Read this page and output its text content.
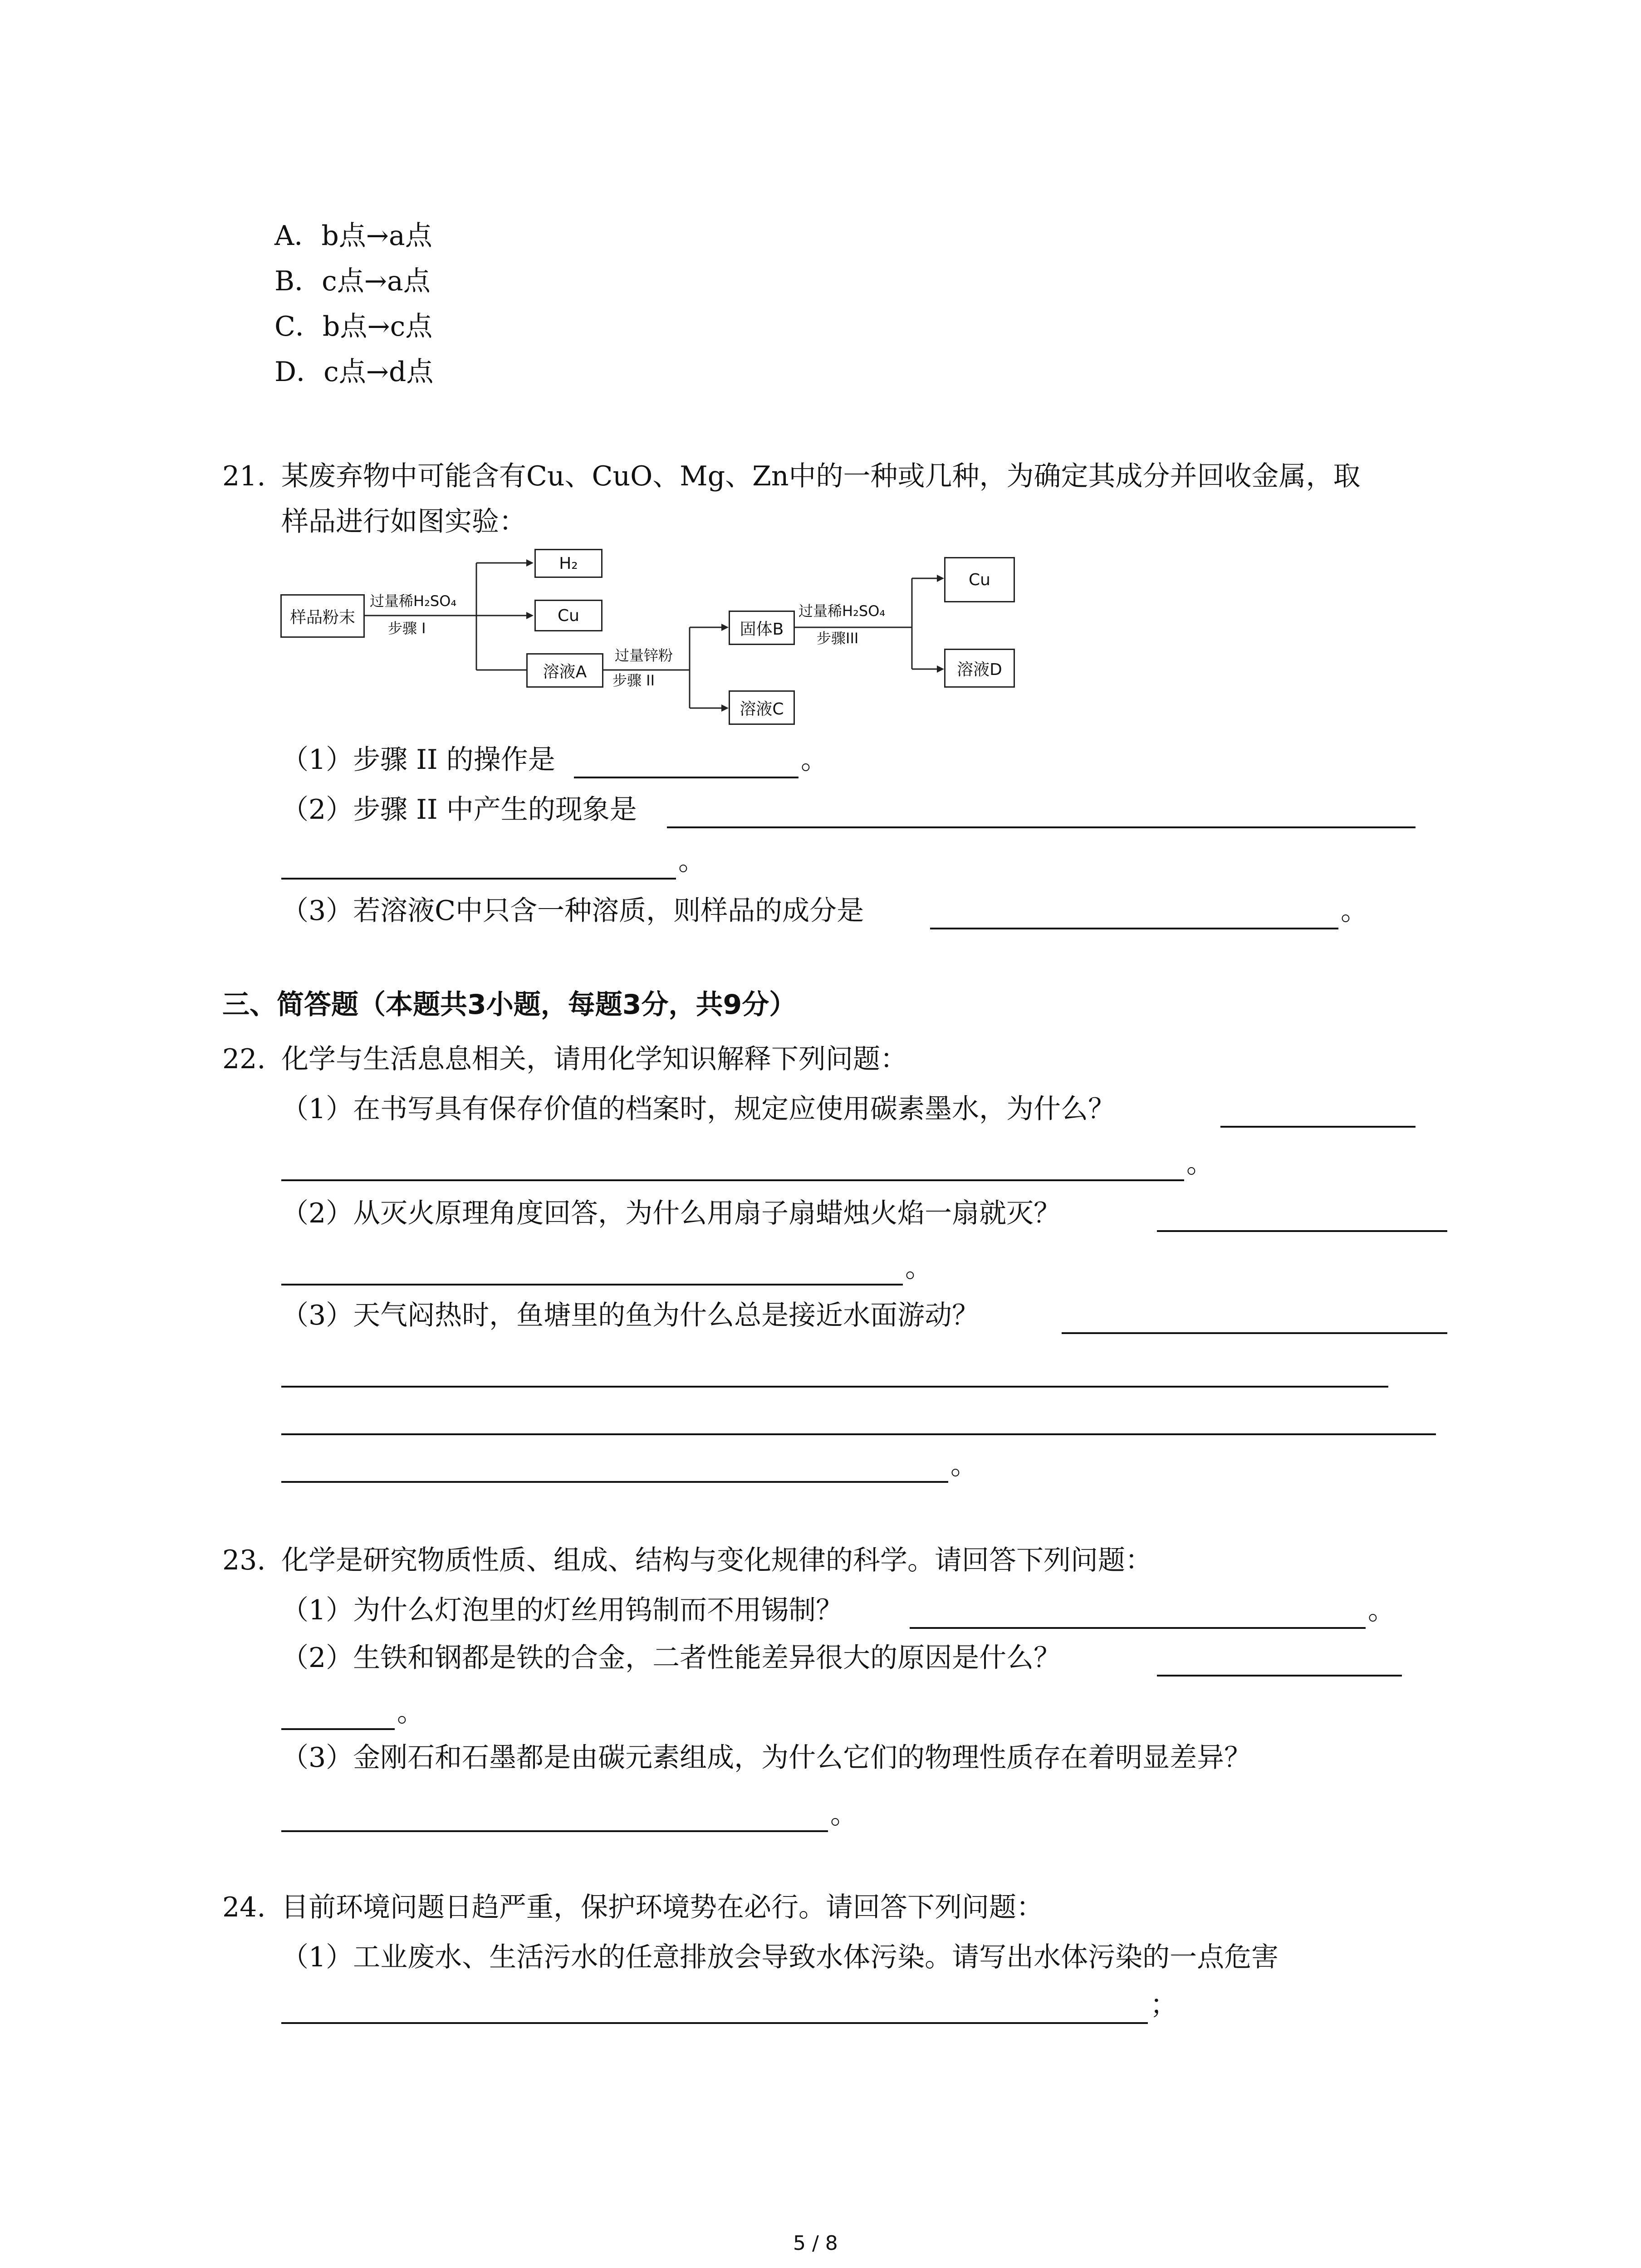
A．b点→a点
B．c点→a点
C．b点→c点
D．c点→d点
21. 某废弃物中可能含有Cu、CuO、Mg、Zn中的一种或几种，为确定其成分并回收金属，取
样品进行如图实验：
样品粉末
过量稀H₂SO₄
步骤 I
H₂
Cu
溶液A
过量锌粉
步骤 II
固体B
溶液C
过量稀H₂SO₄
步骤III
Cu
溶液D
（1）步骤 II 的操作是	。
（2）步骤 II 中产生的现象是
。
（3）若溶液C中只含一种溶质，则样品的成分是	。
三、简答题（本题共3小题，每题3分，共9分）
22. 化学与生活息息相关，请用化学知识解释下列问题：
（1）在书写具有保存价值的档案时，规定应使用碳素墨水，为什么？
。
（2）从灭火原理角度回答，为什么用扇子扇蜡烛火焰一扇就灭？
。
（3）天气闷热时，鱼塘里的鱼为什么总是接近水面游动？
。
23. 化学是研究物质性质、组成、结构与变化规律的科学。请回答下列问题：
（1）为什么灯泡里的灯丝用钨制而不用锡制？	。
（2）生铁和钢都是铁的合金，二者性能差异很大的原因是什么？
。
（3）金刚石和石墨都是由碳元素组成，为什么它们的物理性质存在着明显差异？
。
24. 目前环境问题日趋严重，保护环境势在必行。请回答下列问题：
（1）工业废水、生活污水的任意排放会导致水体污染。请写出水体污染的一点危害
；
5 / 8
